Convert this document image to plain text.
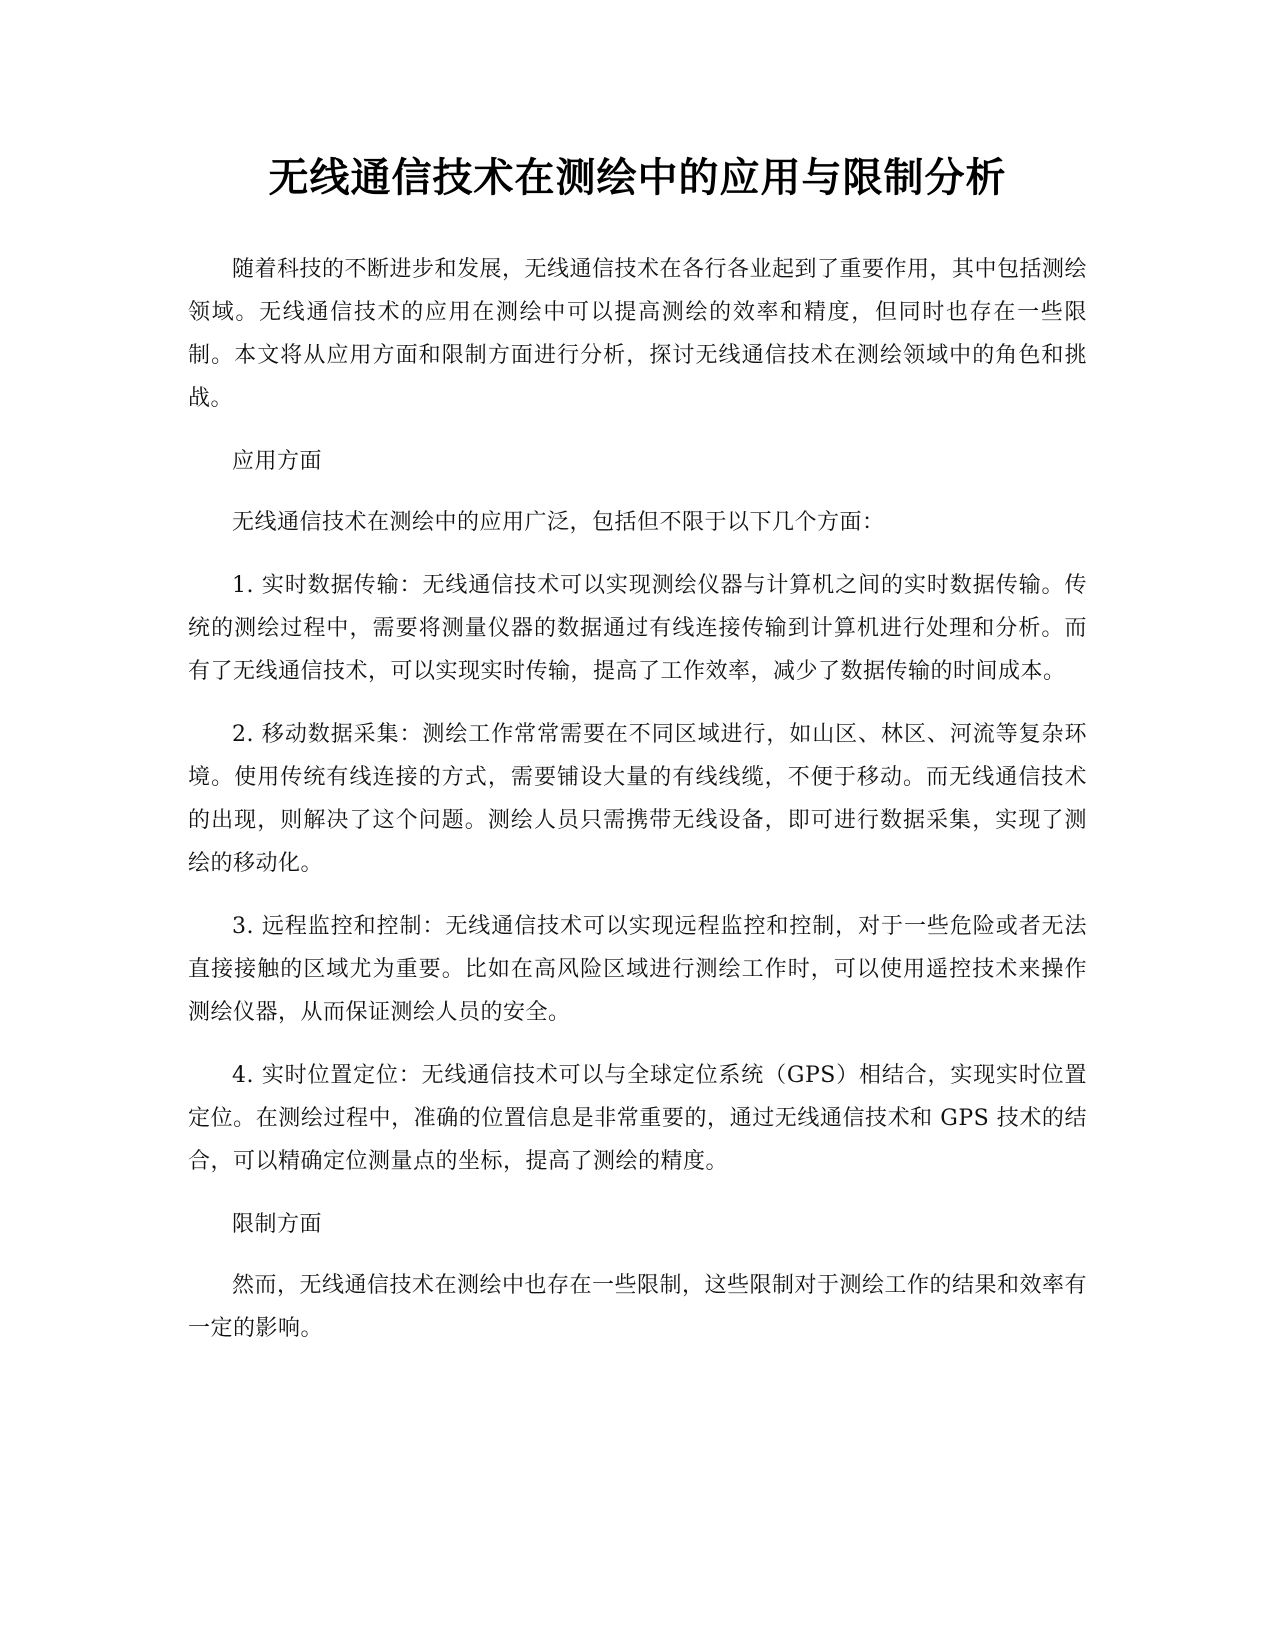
无线通信技术在测绘中的应用与限制分析

随着科技的不断进步和发展，无线通信技术在各行各业起到了重要作用，其中包括测绘领域。无线通信技术的应用在测绘中可以提高测绘的效率和精度，但同时也存在一些限制。本文将从应用方面和限制方面进行分析，探讨无线通信技术在测绘领域中的角色和挑战。

应用方面

无线通信技术在测绘中的应用广泛，包括但不限于以下几个方面：

1. 实时数据传输：无线通信技术可以实现测绘仪器与计算机之间的实时数据传输。传统的测绘过程中，需要将测量仪器的数据通过有线连接传输到计算机进行处理和分析。而有了无线通信技术，可以实现实时传输，提高了工作效率，减少了数据传输的时间成本。

2. 移动数据采集：测绘工作常常需要在不同区域进行，如山区、林区、河流等复杂环境。使用传统有线连接的方式，需要铺设大量的有线线缆，不便于移动。而无线通信技术的出现，则解决了这个问题。测绘人员只需携带无线设备，即可进行数据采集，实现了测绘的移动化。

3. 远程监控和控制：无线通信技术可以实现远程监控和控制，对于一些危险或者无法直接接触的区域尤为重要。比如在高风险区域进行测绘工作时，可以使用遥控技术来操作测绘仪器，从而保证测绘人员的安全。

4. 实时位置定位：无线通信技术可以与全球定位系统（GPS）相结合，实现实时位置定位。在测绘过程中，准确的位置信息是非常重要的，通过无线通信技术和 GPS 技术的结合，可以精确定位测量点的坐标，提高了测绘的精度。

限制方面

然而，无线通信技术在测绘中也存在一些限制，这些限制对于测绘工作的结果和效率有一定的影响。
